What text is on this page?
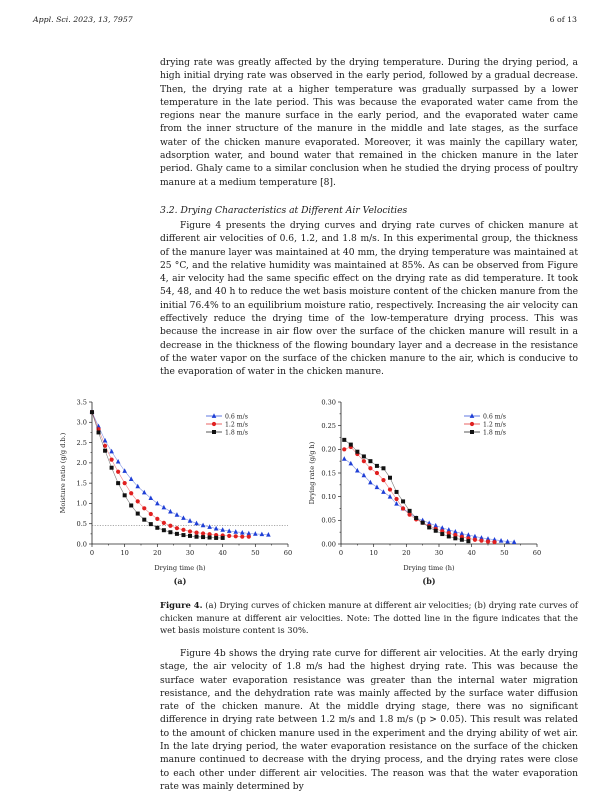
Appl. Sci. 2023, 13, 7957	6 of 13

drying rate was greatly affected by the drying temperature. During the drying period, a high initial drying rate was observed in the early period, followed by a gradual decrease. Then, the drying rate at a higher temperature was gradually surpassed by a lower temperature in the late period. This was because the evaporated water came from the regions near the manure surface in the early period, and the evaporated water came from the inner structure of the manure in the middle and late stages, as the surface water of the chicken manure evaporated. Moreover, it was mainly the capillary water, adsorption water, and bound water that remained in the chicken manure in the later period. Ghaly came to a similar conclusion when he studied the drying process of poultry manure at a medium temperature [8].

3.2. Drying Characteristics at Different Air Velocities

Figure 4 presents the drying curves and drying rate curves of chicken manure at different air velocities of 0.6, 1.2, and 1.8 m/s. In this experimental group, the thickness of the manure layer was maintained at 40 mm, the drying temperature was maintained at 25 °C, and the relative humidity was maintained at 85%. As can be observed from Figure 4, air velocity had the same specific effect on the drying rate as did temperature. It took 54, 48, and 40 h to reduce the wet basis moisture content of the chicken manure from the initial 76.4% to an equilibrium moisture ratio, respectively. Increasing the air velocity can effectively reduce the drying time of the low-temperature drying process. This was because the increase in air flow over the surface of the chicken manure will result in a decrease in the thickness of the flowing boundary layer and a decrease in the resistance of the water vapor on the surface of the chicken manure to the air, which is conducive to the evaporation of water in the chicken manure.

0.0
0.5
1.0
1.5
2.0
2.5
3.0
3.5
0	10	20	30	40	50	60
Drying time (h)
Moisture ratio (g/g d.b.)
(a)
0.6 m/s
1.2 m/s
1.8 m/s
0.00
0.05
0.10
0.15
0.20
0.25
0.30
0	10	20	30	40	50	60
Drying time (h)
Drying rate (g/g h)
(b)
0.6 m/s
1.2 m/s
1.8 m/s
Figure 4. (a) Drying curves of chicken manure at different air velocities; (b) drying rate curves of chicken manure at different air velocities. Note: The dotted line in the figure indicates that the wet basis moisture content is 30%.

Figure 4b shows the drying rate curve for different air velocities. At the early drying stage, the air velocity of 1.8 m/s had the highest drying rate. This was because the surface water evaporation resistance was greater than the internal water migration resistance, and the dehydration rate was mainly affected by the surface water diffusion rate of the chicken manure. At the middle drying stage, there was no significant difference in drying rate between 1.2 m/s and 1.8 m/s (p > 0.05). This result was related to the amount of chicken manure used in the experiment and the drying ability of wet air. In the late drying period, the water evaporation resistance on the surface of the chicken manure continued to decrease with the drying process, and the drying rates were close to each other under different air velocities. The reason was that the water evaporation rate was mainly determined by
